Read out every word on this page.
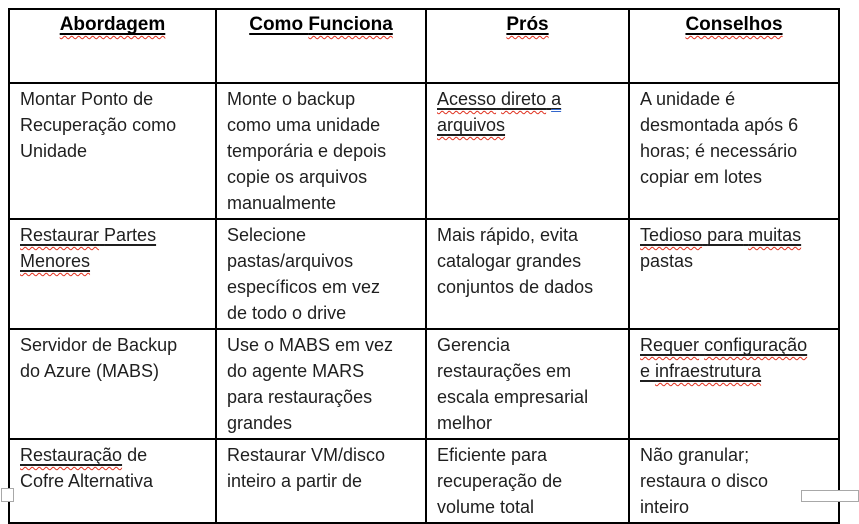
Abordagem	Como Funciona	Prós	Conselhos
Montar Ponto de
Recuperação como
Unidade	Monte o backup
como uma unidade
temporária e depois
copie os arquivos
manualmente	Acesso direto a
arquivos	A unidade é
desmontada após 6
horas; é necessário
copiar em lotes
Restaurar Partes
Menores	Selecione
pastas/arquivos
específicos em vez
de todo o drive	Mais rápido, evita
catalogar grandes
conjuntos de dados	Tedioso para muitas
pastas
Servidor de Backup
do Azure (MABS)	Use o MABS em vez
do agente MARS
para restaurações
grandes	Gerencia
restaurações em
escala empresarial
melhor	Requer configuração
e infraestrutura
Restauração de
Cofre Alternativa	Restaurar VM/disco
inteiro a partir de	Eficiente para
recuperação de
volume total	Não granular;
restaura o disco
inteiro
